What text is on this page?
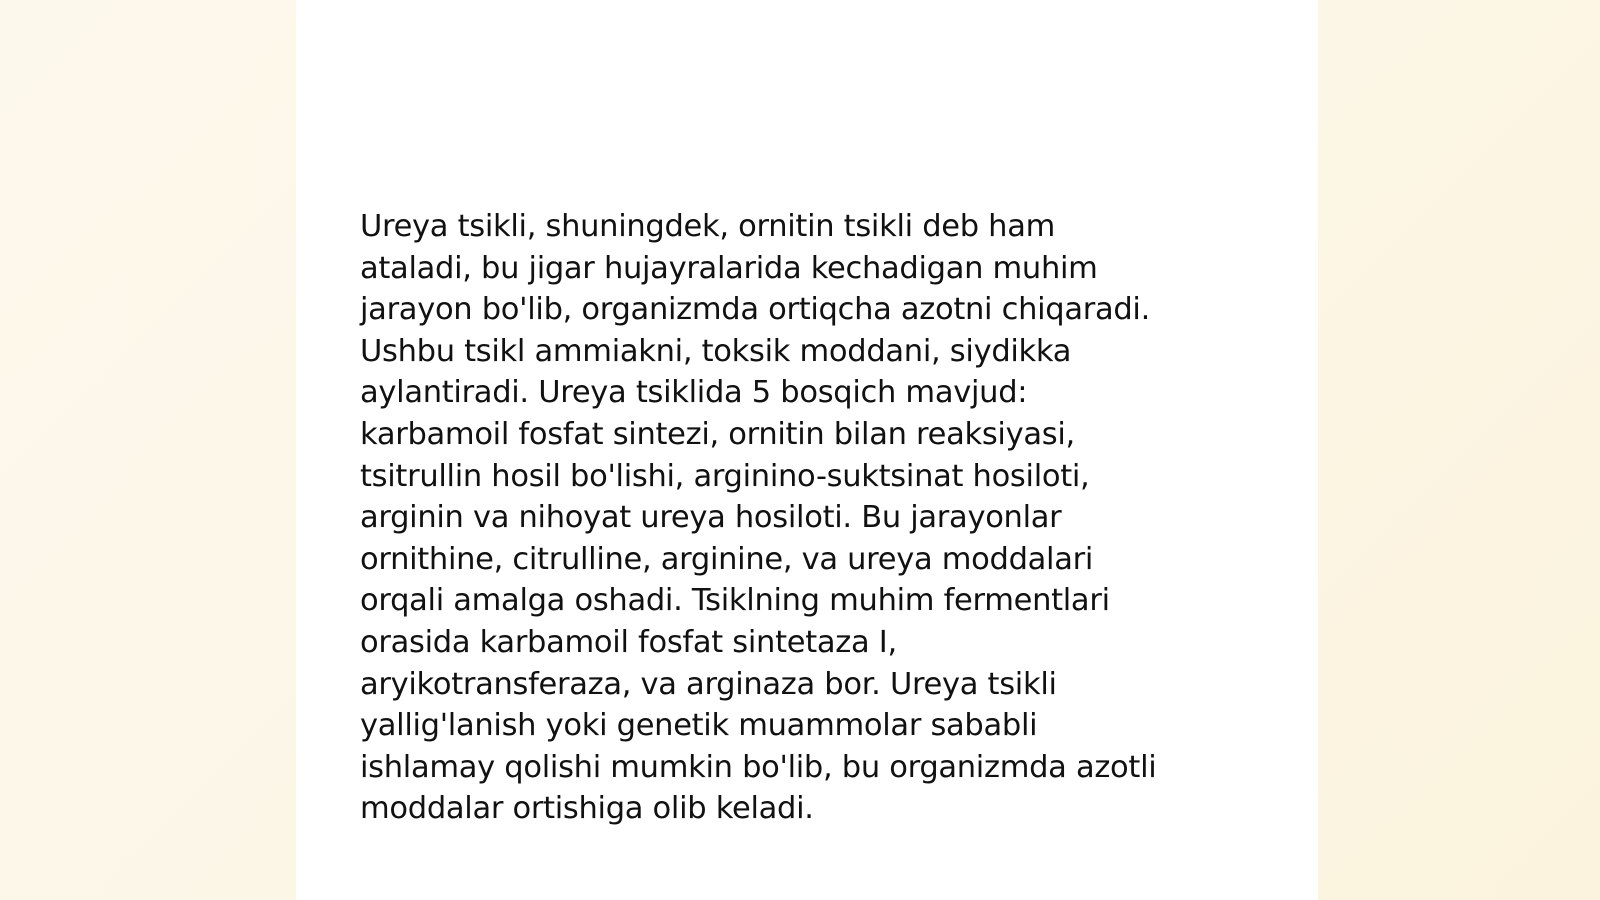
Ureya tsikli, shuningdek, ornitin tsikli deb ham
ataladi, bu jigar hujayralarida kechadigan muhim
jarayon bo'lib, organizmda ortiqcha azotni chiqaradi.
Ushbu tsikl ammiakni, toksik moddani, siydikka
aylantiradi. Ureya tsiklida 5 bosqich mavjud:
karbamoil fosfat sintezi, ornitin bilan reaksiyasi,
tsitrullin hosil bo'lishi, arginino-suktsinat hosiloti,
arginin va nihoyat ureya hosiloti. Bu jarayonlar
ornithine, citrulline, arginine, va ureya moddalari
orqali amalga oshadi. Tsiklning muhim fermentlari
orasida karbamoil fosfat sintetaza I,
aryikotransferaza, va arginaza bor. Ureya tsikli
yallig'lanish yoki genetik muammolar sababli
ishlamay qolishi mumkin bo'lib, bu organizmda azotli
moddalar ortishiga olib keladi.
